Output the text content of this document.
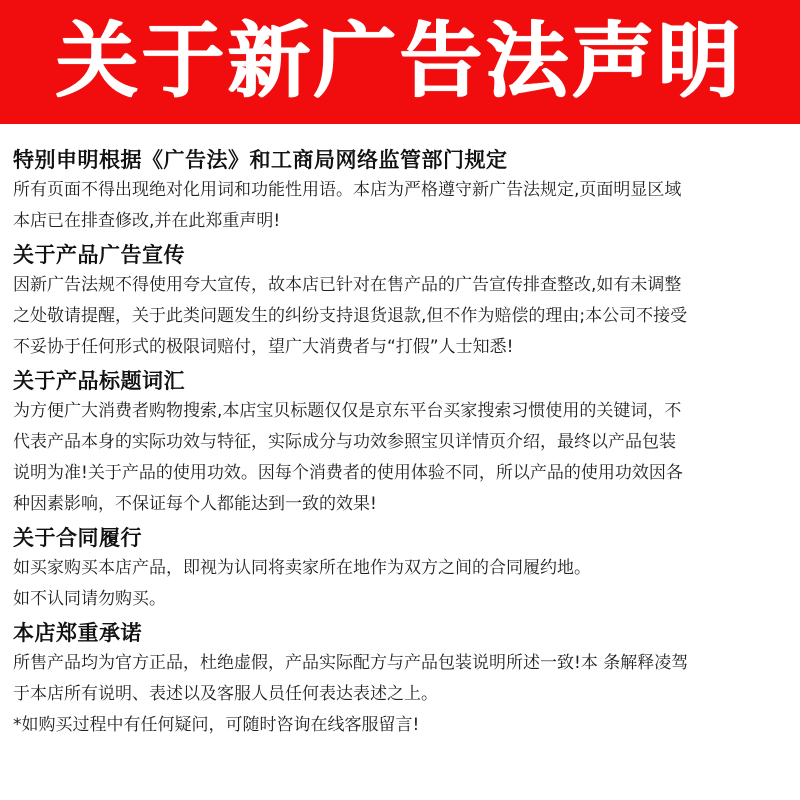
关于新广告法声明
特别申明根据《广告法》和工商局网络监管部门规定
所有页面不得出现绝对化用词和功能性用语。本店为严格遵守新广告法规定,页面明显区域
本店已在排查修改,并在此郑重声明!
关于产品广告宣传
因新广告法规不得使用夸大宣传，故本店已针对在售产品的广告宣传排查整改,如有未调整
之处敬请提醒，关于此类问题发生的纠纷支持退货退款,但不作为赔偿的理由;本公司不接受
不妥协于任何形式的极限词赔付，望广大消费者与“打假”人士知悉!
关于产品标题词汇
为方便广大消费者购物搜索,本店宝贝标题仅仅是京东平台买家搜索习惯使用的关键词，不
代表产品本身的实际功效与特征，实际成分与功效参照宝贝详情页介绍，最终以产品包装
说明为准!关于产品的使用功效。因每个消费者的使用体验不同，所以产品的使用功效因各
种因素影响，不保证每个人都能达到一致的效果!
关于合同履行
如买家购买本店产品，即视为认同将卖家所在地作为双方之间的合同履约地。
如不认同请勿购买。
本店郑重承诺
所售产品均为官方正品，杜绝虚假，产品实际配方与产品包装说明所述一致!本 条解释凌驾
于本店所有说明、表述以及客服人员任何表达表述之上。
*如购买过程中有任何疑问，可随时咨询在线客服留言!
